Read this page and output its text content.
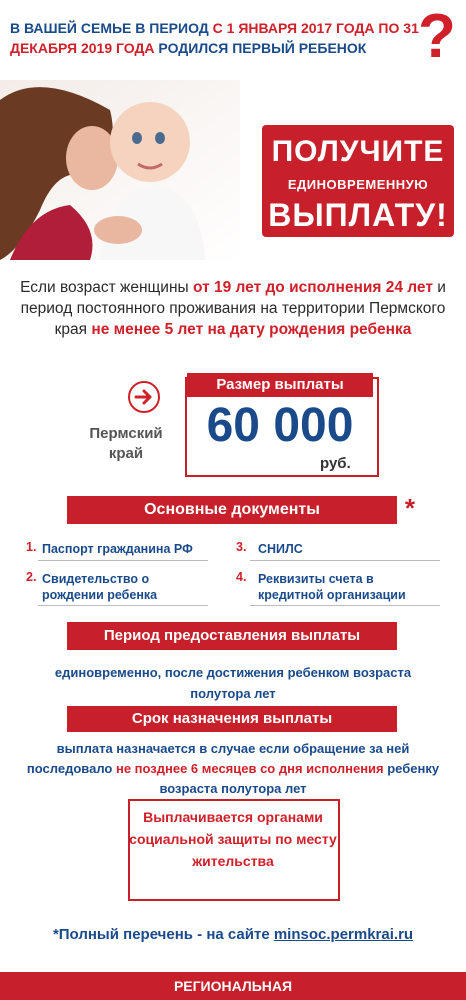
В ВАШЕЙ СЕМЬЕ В ПЕРИОД С 1 ЯНВАРЯ 2017 ГОДА ПО 31 ДЕКАБРЯ 2019 ГОДА РОДИЛСЯ ПЕРВЫЙ РЕБЕНОК ?
ПОЛУЧИТЕ
ЕДИНОВРЕМЕННУЮ
ВЫПЛАТУ!
Если возраст женщины от 19 лет до исполнения 24 лет и период постоянного проживания на территории Пермского края не менее 5 лет на дату рождения ребенка
Пермский край
Размер выплаты
60 000
руб.
Основные документы	*
1. Паспорт гражданина РФ
2. Свидетельство о рождении ребенка
3. СНИЛС
4. Реквизиты счета в кредитной организации
Период предоставления выплаты
единовременно, после достижения ребенком возраста полутора лет
Срок назначения выплаты
выплата назначается в случае если обращение за ней последовало не позднее 6 месяцев со дня исполнения ребенку возраста полутора лет
Выплачивается органами социальной защиты по месту жительства
*Полный перечень - на сайте minsoc.permkrai.ru
РЕГИОНАЛЬНАЯ
